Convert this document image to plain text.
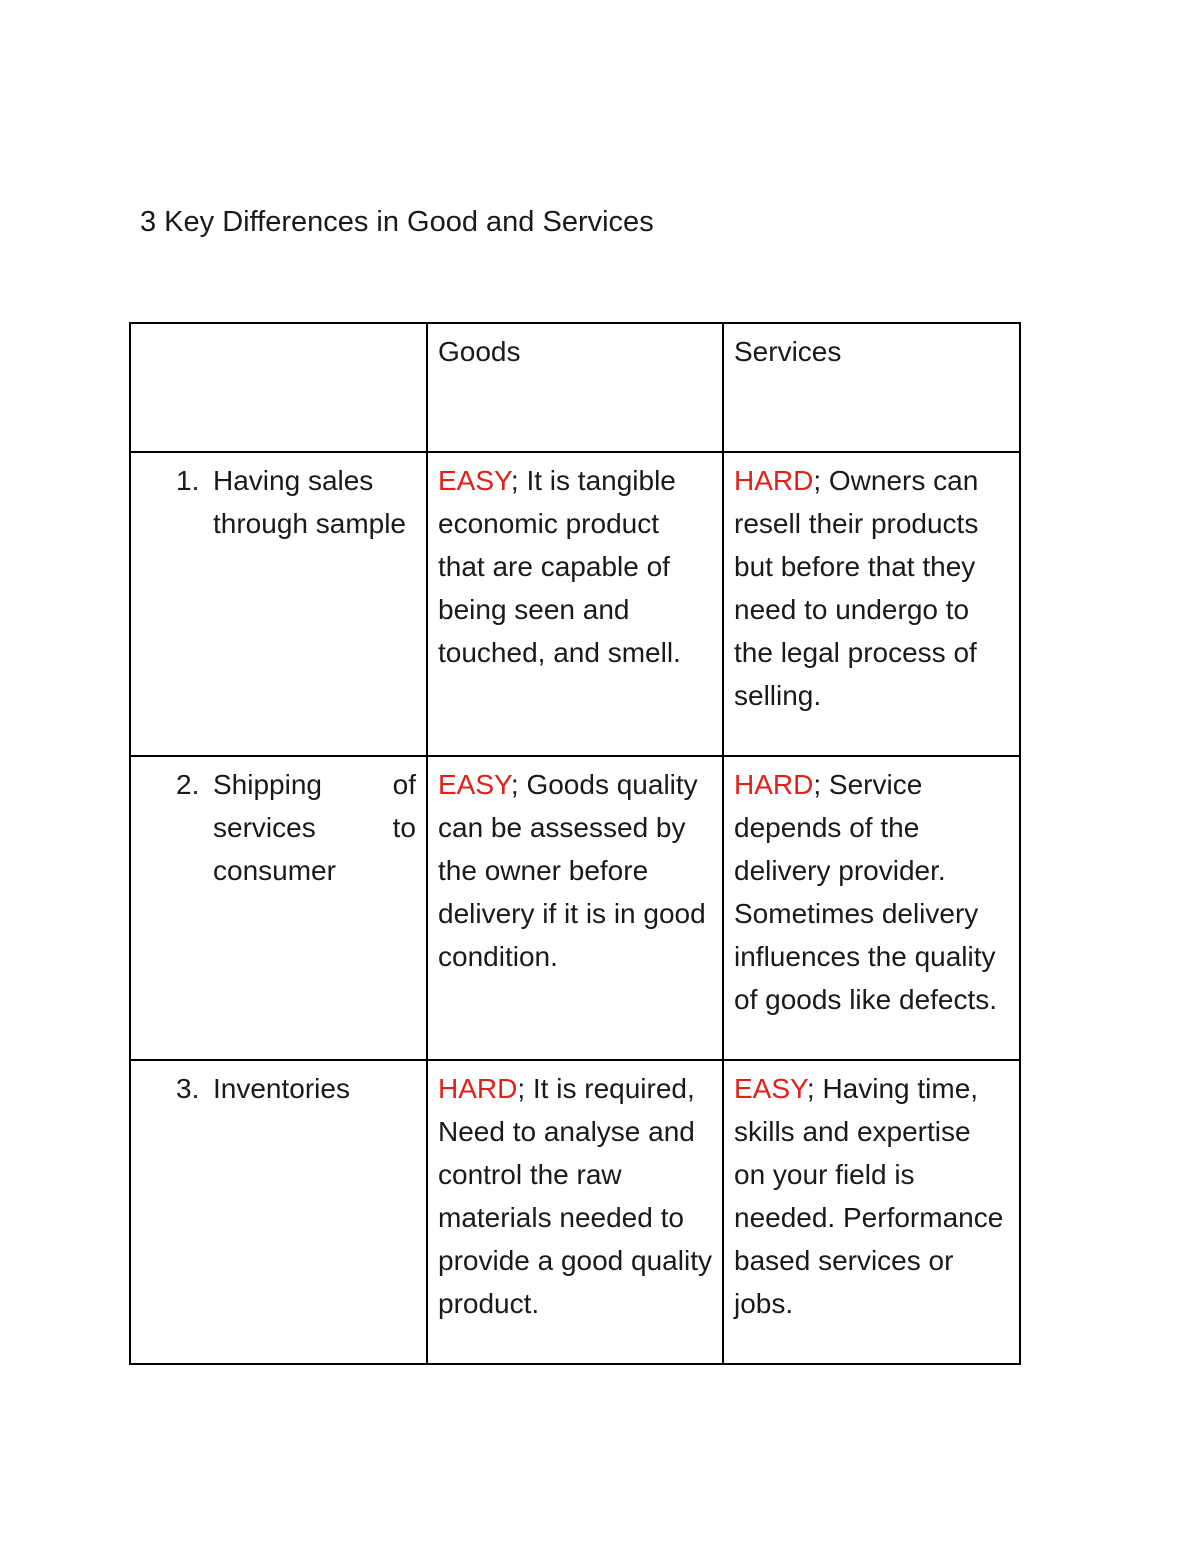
3 Key Differences in Good and Services
	Goods	Services

1. Having sales through sample	EASY; It is tangible economic product that are capable of being seen and touched, and smell.	HARD; Owners can resell their products but before that they need to undergo to the legal process of selling.

2. Shipping of services to consumer	EASY; Goods quality can be assessed by the owner before delivery if it is in good condition.	HARD; Service depends of the delivery provider. Sometimes delivery influences the quality of goods like defects.

3. Inventories	HARD; It is required, Need to analyse and control the raw materials needed to provide a good quality product.	EASY; Having time, skills and expertise on your field is needed. Performance based services or jobs.
